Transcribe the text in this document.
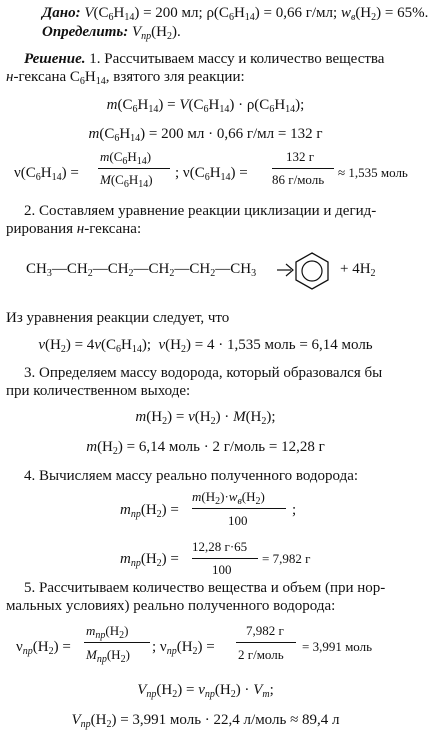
Дано: $V(C_6H_{14}) = 200$ мл; $\rho(C_6H_{14}) = 0,66$ г/мл; $w_в(H_2) = 65\%$.
Определить: $V_{пр}(H_2)$.
Решение. 1. Рассчитываем массу и количество вещества
н-гексана $C_6H_{14}$, взятого зля реакции:
$m(C_6H_{14}) = V(C_6H_{14}) \cdot \rho(C_6H_{14})$;
$m(C_6H_{14}) = 200$ мл · 0,66 г/мл = 132 г
$\nu(C_6H_{14})$ =
$m(C_6H_{14})$
$M(C_6H_{14})$ ; $\nu(C_6H_{14})$ =
132 г
86 г/моль ≈ 1,535 моль
2. Составляем уравнение реакции циклизации и дегид-
рирования н-гексана:
$CH_3—CH_2—CH_2—CH_2—CH_2—CH_3$	+ $4H_2$
Из уравнения реакции следует, что
$\nu(H_2) = 4\nu(C_6H_{14})$;  $\nu(H_2) = 4 \cdot 1,535$ моль = 6,14 моль
3. Определяем массу водорода, который образовался бы
при количественном выходе:
$m(H_2) = \nu(H_2) \cdot M(H_2)$;
$m(H_2) = 6,14$ моль · 2 г/моль = 12,28 г
4. Вычисляем массу реально полученного водорода:
$m_{пр}(H_2)$ =
$m(H_2)\cdot w_в(H_2)$
100
;
$m_{пр}(H_2)$ =
12,28 г·65
100
= 7,982 г
5. Рассчитываем количество вещества и объем (при нор-
мальных условиях) реально полученного водорода:
$\nu_{пр}(H_2)$ =
$m_{пр}(H_2)$
$M_{пр}(H_2)$ ; $\nu_{пр}(H_2)$ =
7,982 г
2 г/моль
= 3,991 моль
$V_{пр}(H_2) = \nu_{пр}(H_2) \cdot V_m$;
$V_{пр}(H_2) = 3,991$ моль · 22,4 л/моль ≈ 89,4 л
